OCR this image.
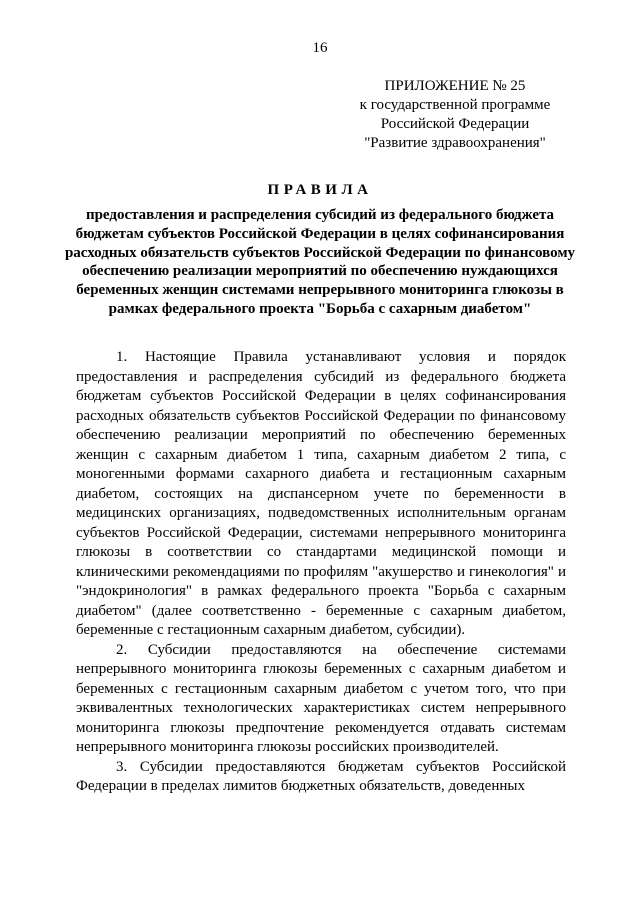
16
ПРИЛОЖЕНИЕ № 25
к государственной программе
Российской Федерации
"Развитие здравоохранения"
ПРАВИЛА
предоставления и распределения субсидий из федерального бюджета бюджетам субъектов Российской Федерации в целях софинансирования расходных обязательств субъектов Российской Федерации по финансовому обеспечению реализации мероприятий по обеспечению нуждающихся беременных женщин системами непрерывного мониторинга глюкозы в рамках федерального проекта "Борьба с сахарным диабетом"

1. Настоящие Правила устанавливают условия и порядок предоставления и распределения субсидий из федерального бюджета бюджетам субъектов Российской Федерации в целях софинансирования расходных обязательств субъектов Российской Федерации по финансовому обеспечению реализации мероприятий по обеспечению беременных женщин с сахарным диабетом 1 типа, сахарным диабетом 2 типа, с моногенными формами сахарного диабета и гестационным сахарным диабетом, состоящих на диспансерном учете по беременности в медицинских организациях, подведомственных исполнительным органам субъектов Российской Федерации, системами непрерывного мониторинга глюкозы в соответствии со стандартами медицинской помощи и клиническими рекомендациями по профилям "акушерство и гинекология" и "эндокринология" в рамках федерального проекта "Борьба с сахарным диабетом" (далее соответственно - беременные с сахарным диабетом, беременные с гестационным сахарным диабетом, субсидии).

2. Субсидии предоставляются на обеспечение системами непрерывного мониторинга глюкозы беременных с сахарным диабетом и беременных с гестационным сахарным диабетом с учетом того, что при эквивалентных технологических характеристиках систем непрерывного мониторинга глюкозы предпочтение рекомендуется отдавать системам непрерывного мониторинга глюкозы российских производителей.

3. Субсидии предоставляются бюджетам субъектов Российской Федерации в пределах лимитов бюджетных обязательств, доведенных
